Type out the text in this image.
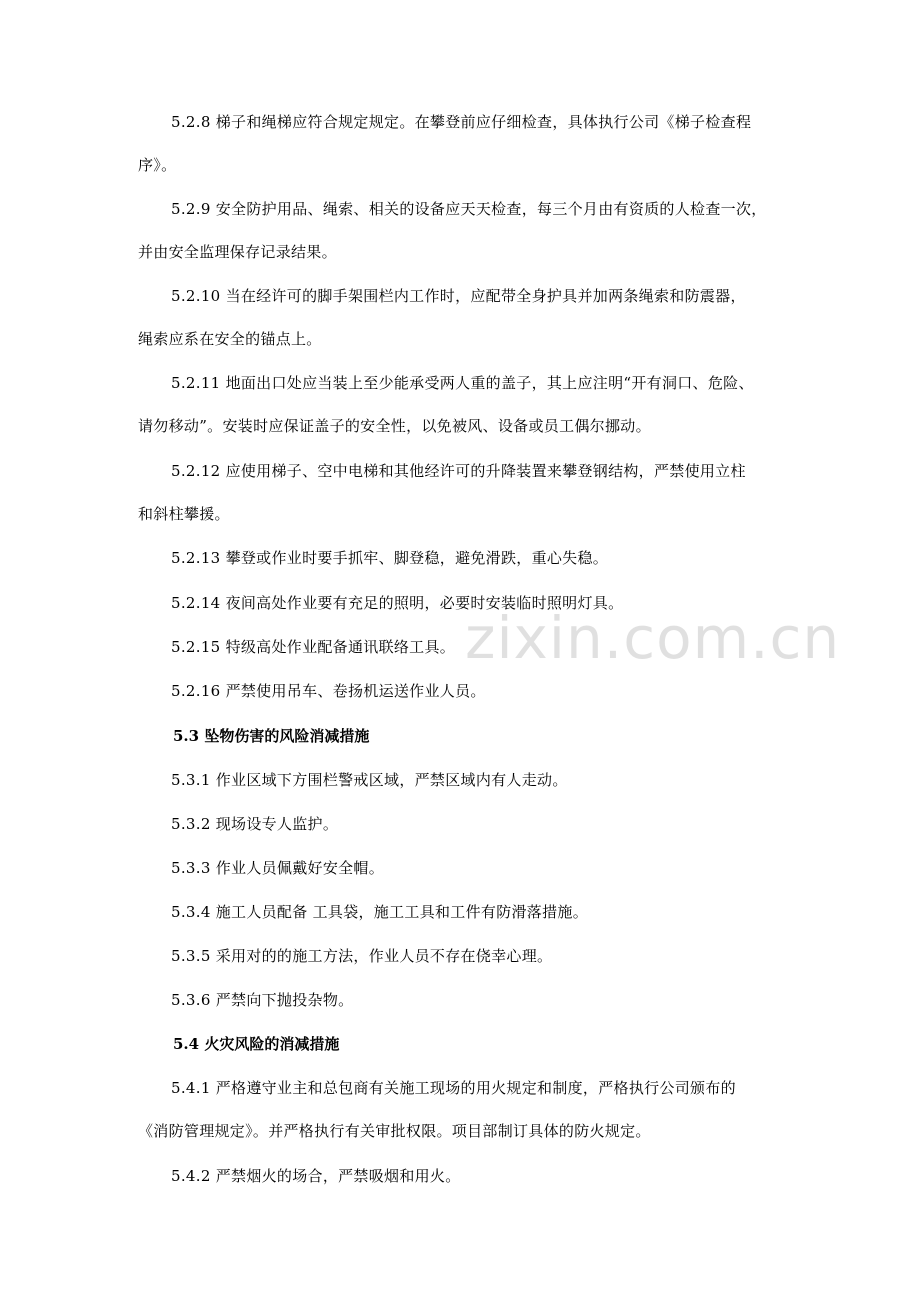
5.2.8 梯子和绳梯应符合规定规定。在攀登前应仔细检查，具体执行公司《梯子检查程
序》。
5.2.9 安全防护用品、绳索、相关的设备应天天检查，每三个月由有资质的人检查一次，
并由安全监理保存记录结果。
5.2.10 当在经许可的脚手架围栏内工作时，应配带全身护具并加两条绳索和防震器，
绳索应系在安全的锚点上。
5.2.11 地面出口处应当装上至少能承受两人重的盖子，其上应注明“开有洞口、危险、
请勿移动”。安装时应保证盖子的安全性，以免被风、设备或员工偶尔挪动。
5.2.12 应使用梯子、空中电梯和其他经许可的升降装置来攀登钢结构，严禁使用立柱
和斜柱攀援。
5.2.13 攀登或作业时要手抓牢、脚登稳，避免滑跌，重心失稳。
5.2.14 夜间高处作业要有充足的照明，必要时安装临时照明灯具。
5.2.15 特级高处作业配备通讯联络工具。
5.2.16 严禁使用吊车、卷扬机运送作业人员。
5.3 坠物伤害的风险消减措施
5.3.1 作业区域下方围栏警戒区域，严禁区域内有人走动。
5.3.2 现场设专人监护。
5.3.3 作业人员佩戴好安全帽。
5.3.4 施工人员配备 工具袋，施工工具和工件有防滑落措施。
5.3.5 采用对的的施工方法，作业人员不存在侥幸心理。
5.3.6 严禁向下抛投杂物。
5.4 火灾风险的消减措施
5.4.1 严格遵守业主和总包商有关施工现场的用火规定和制度，严格执行公司颁布的
《消防管理规定》。并严格执行有关审批权限。项目部制订具体的防火规定。
5.4.2 严禁烟火的场合，严禁吸烟和用火。
zixin.com.cn
